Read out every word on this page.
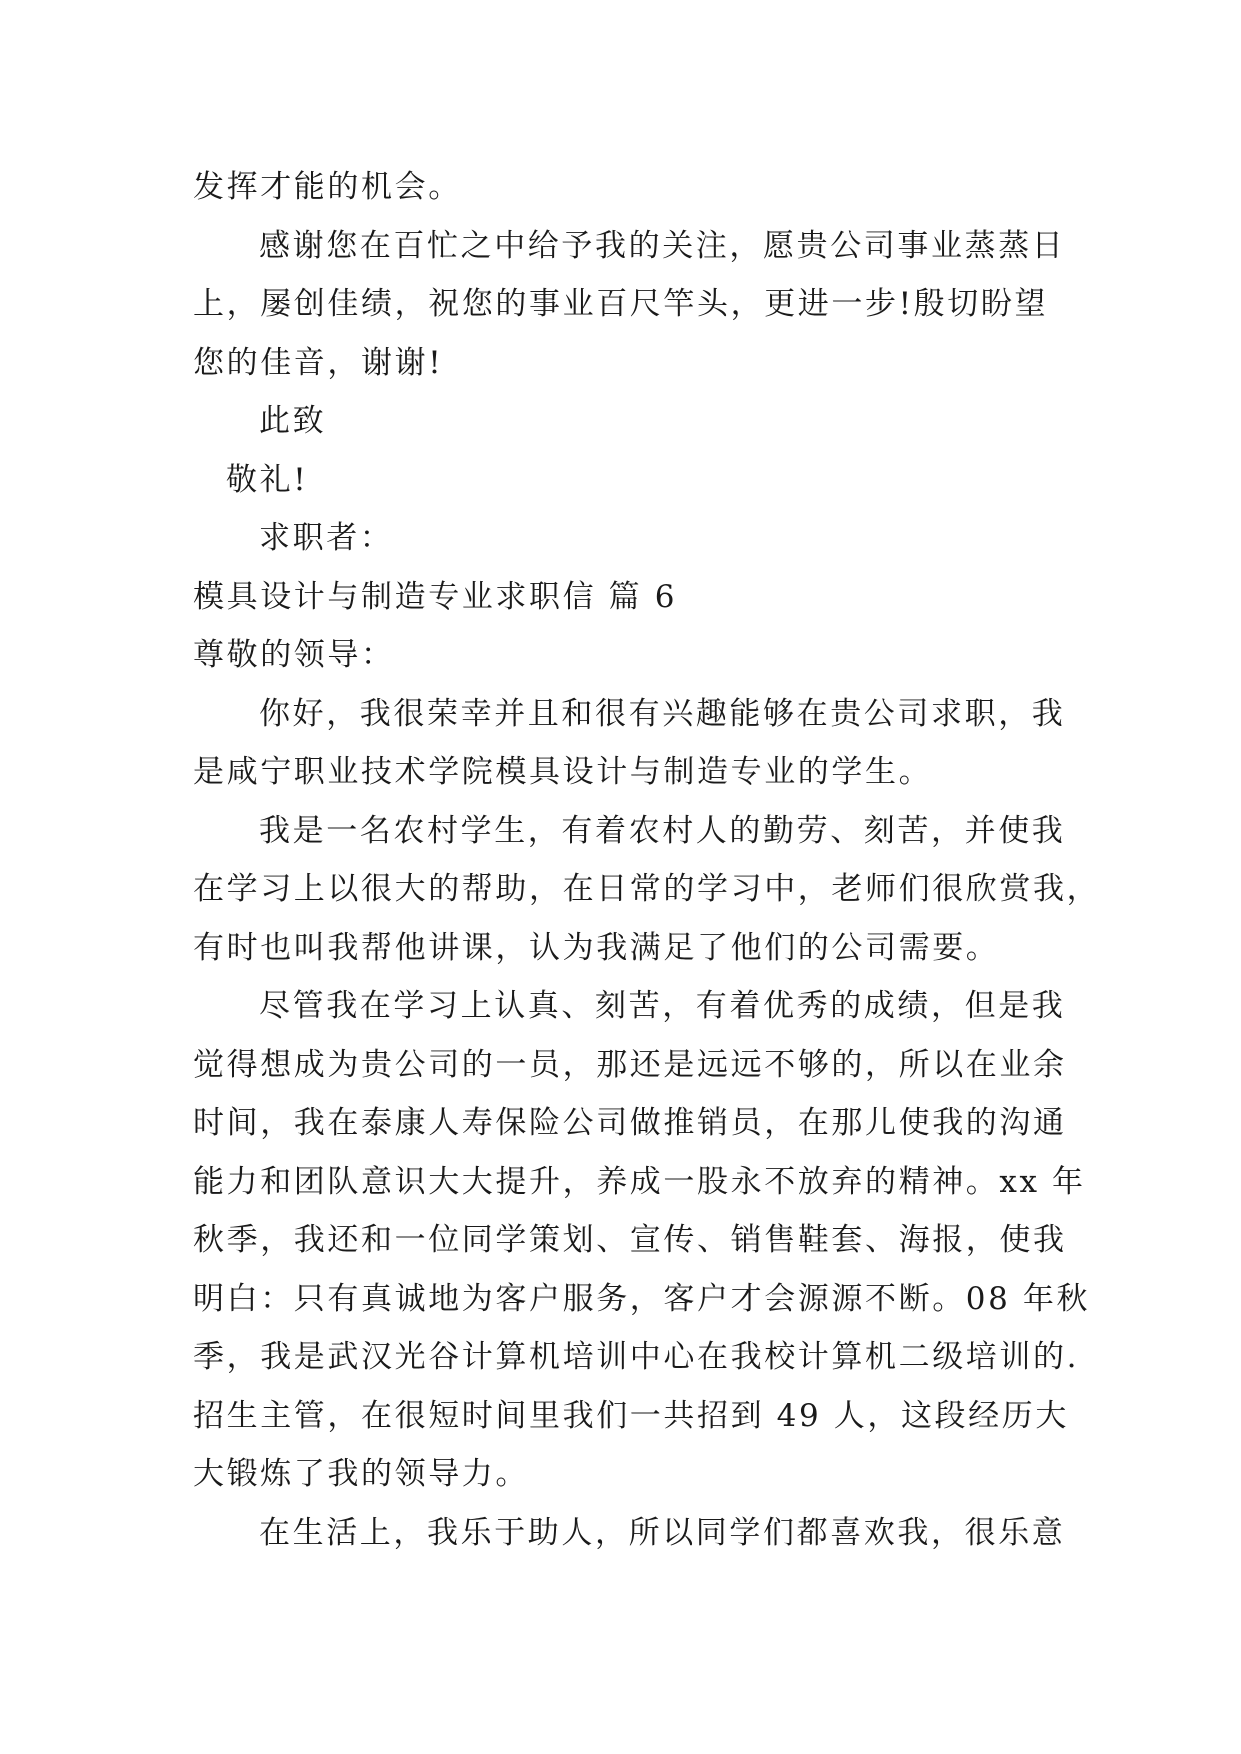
发挥才能的机会。
感谢您在百忙之中给予我的关注，愿贵公司事业蒸蒸日
上，屡创佳绩，祝您的事业百尺竿头，更进一步!殷切盼望
您的佳音，谢谢!
此致
敬礼!
求职者：
模具设计与制造专业求职信 篇 6
尊敬的领导：
你好，我很荣幸并且和很有兴趣能够在贵公司求职，我
是咸宁职业技术学院模具设计与制造专业的学生。
我是一名农村学生，有着农村人的勤劳、刻苦，并使我
在学习上以很大的帮助，在日常的学习中，老师们很欣赏我，
有时也叫我帮他讲课，认为我满足了他们的公司需要。
尽管我在学习上认真、刻苦，有着优秀的成绩，但是我
觉得想成为贵公司的一员，那还是远远不够的，所以在业余
时间，我在泰康人寿保险公司做推销员，在那儿使我的沟通
能力和团队意识大大提升，养成一股永不放弃的精神。xx 年
秋季，我还和一位同学策划、宣传、销售鞋套、海报，使我
明白：只有真诚地为客户服务，客户才会源源不断。08 年秋
季，我是武汉光谷计算机培训中心在我校计算机二级培训的.
招生主管，在很短时间里我们一共招到 49 人，这段经历大
大锻炼了我的领导力。
在生活上，我乐于助人，所以同学们都喜欢我，很乐意
